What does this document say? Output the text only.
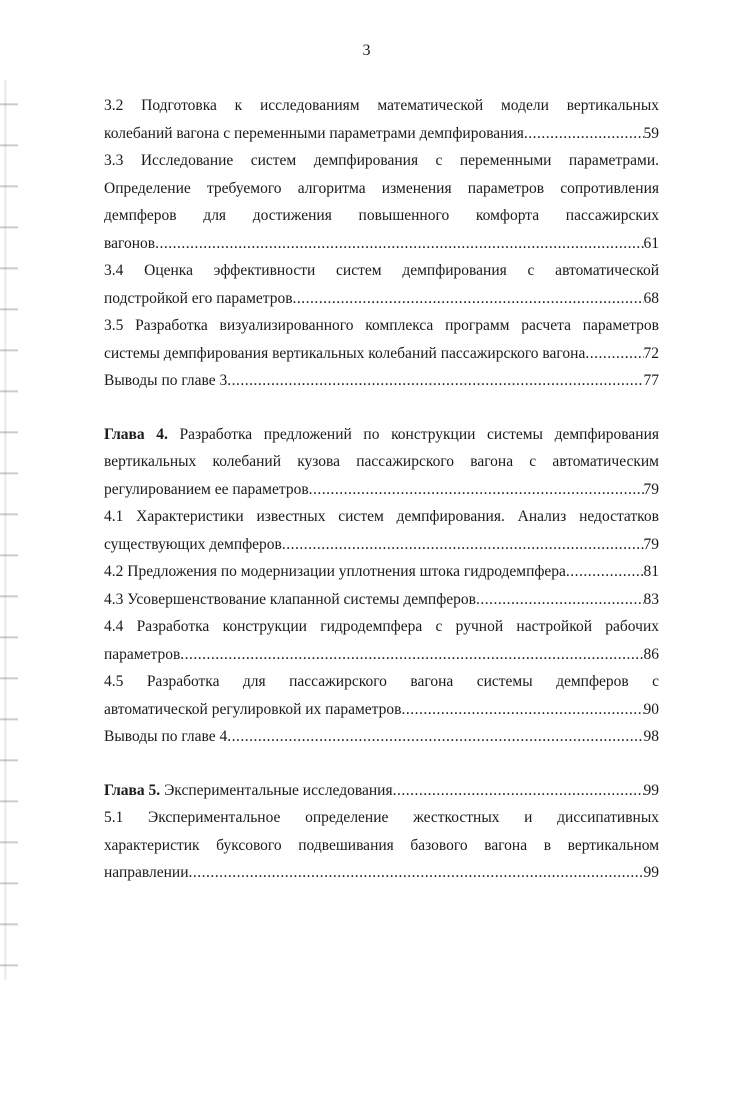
3
3.2 Подготовка к исследованиям математической модели вертикальных
колебаний вагона с переменными параметрами демпфирования .....	59
3.3 Исследование систем демпфирования с переменными параметрами.
Определение требуемого алгоритма изменения параметров сопротивления
демпферов для достижения повышенного комфорта пассажирских
вагонов .....	61
3.4 Оценка эффективности систем демпфирования с автоматической
подстройкой его параметров .....	68
3.5 Разработка визуализированного комплекса программ расчета параметров
системы демпфирования вертикальных колебаний пассажирского вагона .....	72
Выводы по главе 3 .....	77
Глава 4. Разработка предложений по конструкции системы демпфирования
вертикальных колебаний кузова пассажирского вагона с автоматическим
регулированием ее параметров .....	79
4.1 Характеристики известных систем демпфирования. Анализ недостатков
существующих демпферов .....	79
4.2 Предложения по модернизации уплотнения штока гидродемпфера .....	81
4.3 Усовершенствование клапанной системы демпферов .....	83
4.4 Разработка конструкции гидродемпфера с ручной настройкой рабочих
параметров .....	86
4.5 Разработка для пассажирского вагона системы демпферов с
автоматической регулировкой их параметров .....	90
Выводы по главе 4 .....	98
Глава 5. Экспериментальные исследования .....	99
5.1 Экспериментальное определение жесткостных и диссипативных
характеристик буксового подвешивания базового вагона в вертикальном
направлении .....	99
